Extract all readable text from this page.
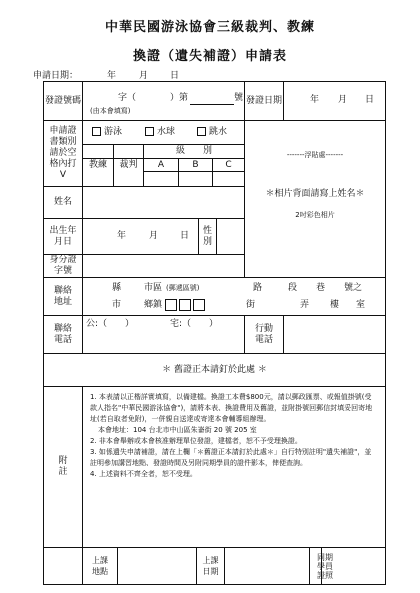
中華民國游泳協會三級裁判、教練
換證（遺失補證）申請表
申請日期：	年	月 日
發證號碼	字（	）第	號
(由本會填寫)
發證日期	年 月 日
申請證書類別請於空格內打V
游泳	水球	跳水
教練	裁判
級　　別
A	B	C
-------浮貼處-------
＊相片背面請寫上姓名＊
2吋彩色相片
姓名
出生年月日
年	月 日
性別
身分證字號
聯絡地址
縣	市區 (郵遞區號)	路	段 巷 號之
市	鄉鎮	街	弄 樓 室
聯絡電話
公:（　　）	宅:（　　）	行動電話
＊ 舊證正本請釘於此處 ＊
附註
1. 本表請以正楷詳實填寫，以備建檔。換證工本費$800元，請以郵政匯票、或報值掛號(受款人指名"中華民國游泳協會")，請將本表、換證費用及舊證，並附掛號回郵信封填妥回寄地址(若自取者免附)，一併親自送達或寄達本會輔導組辦理。
本會地址：104 台北市中山區朱崙街 20 號 205 室
2. 非本會舉辦或本會核准辦理單位發證，建檔者，恕不予受理換證。
3. 如係遺失申請補證，請在上欄「＊舊證正本請釘於此處＊」自行特別註明"遺失補證"，並註明參加講習地點、發證時間及另附同期學員的證件影本，俾便查詢。
4. 上述資料不齊全者，恕不受理。
上課地點
上課日期
同期學員證照
